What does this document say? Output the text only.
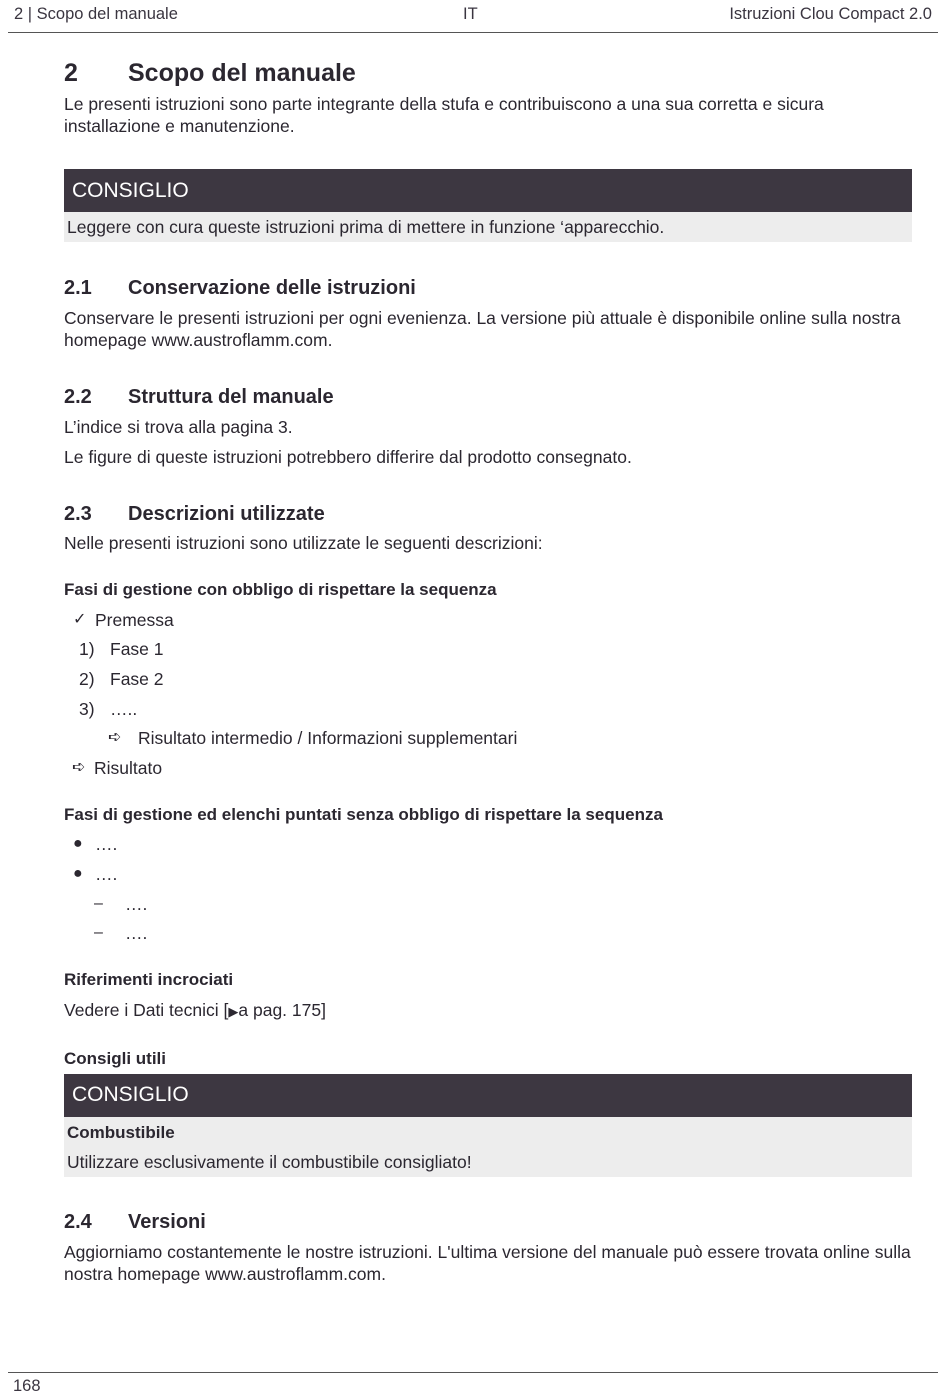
2 | Scopo del manuale	IT	Istruzioni Clou Compact 2.0
2	Scopo del manuale

Le presenti istruzioni sono parte integrante della stufa e contribuiscono a una sua corretta e sicura installazione e manutenzione.

CONSIGLIO
Leggere con cura queste istruzioni prima di mettere in funzione ‘apparecchio.
2.1	Conservazione delle istruzioni

Conservare le presenti istruzioni per ogni evenienza. La versione più attuale è disponibile online sulla nostra homepage www.austroflamm.com.

2.2	Struttura del manuale

L’indice si trova alla pagina 3.

Le figure di queste istruzioni potrebbero differire dal prodotto consegnato.

2.3	Descrizioni utilizzate

Nelle presenti istruzioni sono utilizzate le seguenti descrizioni:

Fasi di gestione con obbligo di rispettare la sequenza
✓ Premessa
1) Fase 1
2) Fase 2
3) …..
➪ Risultato intermedio / Informazioni supplementari
➪ Risultato
Fasi di gestione ed elenchi puntati senza obbligo di rispettare la sequenza
● ….
● ….
–	….
–	….
Riferimenti incrociati

Vedere i Dati tecnici [▶a pag. 175]

Consigli utili
CONSIGLIO
Combustibile
Utilizzare esclusivamente il combustibile consigliato!
2.4	Versioni

Aggiorniamo costantemente le nostre istruzioni. L'ultima versione del manuale può essere trovata online sulla nostra homepage www.austroflamm.com.

168
